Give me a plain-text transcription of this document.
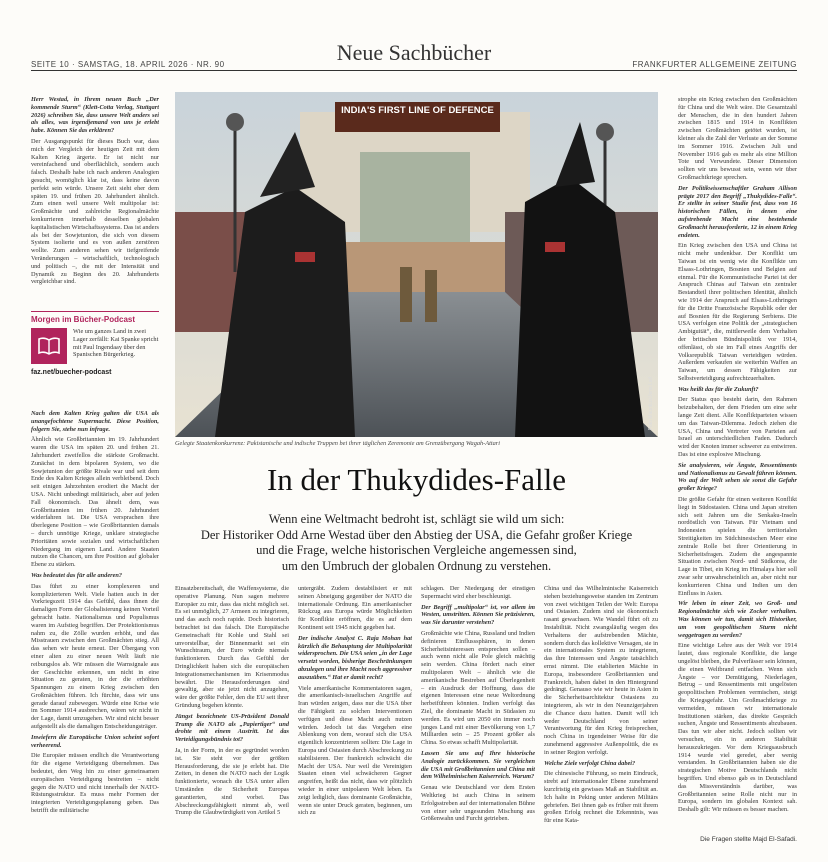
Neue Sachbücher
SEITE 10 · SAMSTAG, 18. APRIL 2026 · NR. 90	FRANKFURTER ALLGEMEINE ZEITUNG

Herr Westad, in Ihrem neuen Buch „Der kommende Sturm“ (Klett-Cotta Verlag, Stuttgart 2026) schreiben Sie, dass unsere Welt anders sei als alles, was irgendjemand von uns je erlebt habe. Können Sie das erklären?

Der Ausgangspunkt für dieses Buch war, dass mich der Vergleich der heutigen Zeit mit dem Kalten Krieg ärgerte. Er ist nicht nur vereinfachend und oberflächlich, sondern auch falsch. Deshalb habe ich nach anderen Analogien gesucht, womöglich klar ist, dass keine davon perfekt sein würde. Unsere Zeit sieht eher dem späten 19. und frühen 20. Jahrhundert ähnlich. Zum einen weil unsere Welt multipolar ist: Großmächte und zahlreiche Regionalmächte konkurrieren innerhalb desselben globalen kapitalistischen Wirtschaftssystems. Das ist anders als bei der Sowjetunion, die sich von diesem System isolierte und es von außen zerstören wollte. Zum anderen sehen wir tiefgreifende Veränderungen – wirtschaftlich, technologisch und politisch –, die mit der Intensität und Dynamik zu Beginn des 20. Jahrhunderts vergleichbar sind.

Morgen im Bücher-Podcast
Wie um ganzes Land in zwei Lager zerfällt: Kai Spanke spricht mit Paul Ingendaay über den Spanischen Bürgerkrieg.
faz.net/buecher-podcast

Nach dem Kalten Krieg galten die USA als unangefochtene Supermacht. Diese Position, folgern Sie, stehe nun infrage.

Ähnlich wie Großbritannien im 19. Jahrhundert waren die USA im späten 20. und frühen 21. Jahrhundert zweifellos die stärkste Großmacht. Zunächst in dem bipolaren System, wo die Sowjetunion der größte Rivale war und seit dem Ende des Kalten Krieges allein verbleibend. Doch seit einigen Jahrzehnten erodiert die Macht der USA. Nicht unbedingt militärisch, aber auf jeden Fall ökonomisch. Das ähnelt dem, was Großbritannien im frühen 20. Jahrhundert widerfahren ist. Die USA versprachen ihre überlegene Position – wie Großbritannien damals – durch unnötige Kriege, unklare strategische Prioritäten sowie sozialen und wirtschaftlichen Niedergang im eigenen Land. Andere Staaten nutzen die Chancen, um ihre Position auf globaler Ebene zu stärken.

Was bedeutet das für alle anderen?

Das führt zu einer komplexeren und komplizierteren Welt. Viele hatten auch in der Vorkriegszeit 1914 das Gefühl, dass ihnen die damaligen Form der Globalisierung keinen Vorteil gebracht hatte. Nationalismus und Populismus waren im Aufstieg begriffen. Der Protektionismus nahm zu, die Zölle wurden erhöht, und das Misstrauen zwischen den Großmächten stieg. All das sehen wir heute erneut. Der Übergang von einer alten zu einer neuen Welt läuft nie reibungslos ab. Wir müssen die Warnsignale aus der Geschichte erkennen, um nicht in eine Situation zu geraten, in der die erhöhten Spannungen zu einem Krieg zwischen den Großmächten führen. Ich fürchte, dass wir uns gerade darauf zubewegen. Würde eine Krise wie im Sommer 1914 ausbrechen, wären wir nicht in der Lage, damit umzugehen. Wir sind nicht besser aufgestellt als die damaligen Entscheidungsträger.

Inwiefern die Europäische Union scheint sofort verheerend.

Die Europäer müssen endlich die Verantwortung für die eigene Verteidigung übernehmen. Das bedeutet, den Weg hin zu einer gemeinsamen europäischen Verteidigung bestreiten – nicht gegen die NATO und nicht innerhalb der NATO-Rüstungsstruktur. Es muss mehr Formen der integrierten Verteidigungsplanung geben. Das betrifft die militärische

INDIA'S FIRST LINE OF DEFENCE
Foto Mauritius/Jens Laif
Gelegte Staatenkonkurrenz: Pakistanische und indische Truppen bei ihrer täglichen Zeremonie am Grenzübergang Wagah-Attari
In der Thukydides-Falle
Wenn eine Weltmacht bedroht ist, schlägt sie wild um sich:
Der Historiker Odd Arne Westad über den Abstieg der USA, die Gefahr großer Kriege
und die Frage, welche historischen Vergleiche angemessen sind,
um den Umbruch der globalen Ordnung zu verstehen.

Einsatzbereitschaft, die Waffensysteme, die operative Planung. Nun sagen mehrere Europäer zu mir, dass das nicht möglich sei. Es sei unmöglich, 27 Armeen zu integrieren, und das auch noch rapide. Doch historisch betrachtet ist das falsch. Die Europäische Gemeinschaft für Kohle und Stahl sei unvorstellbar, der Binnenmarkt sei ein Wunschtraum, der Euro würde niemals funktionieren. Durch das Gefühl der Dringlichkeit haben sich die europäischen Integrationsmechanismen im Krisenmodus bewährt. Die Herausforderungen sind gewaltig, aber sie jetzt nicht anzugehen, wäre der größte Fehler, den die EU seit ihrer Gründung begehen könnte.

Jüngst bezeichnete US-Präsident Donald Trump die NATO als „Papiertiger“ und drohte mit einem Austritt. Ist das Verteidigungsbündnis tot?

Ja, in der Form, in der es gegründet worden ist. Sie steht vor der größten Herausforderung, die sie je erlebt hat. Die Zeiten, in denen die NATO nach der Logik funktionierte, wonach die USA unter allen Umständen die Sicherheit Europas garantierten, sind vorbei. Das Abschreckungsfähigkeit nimmt ab, weil Trump die Glaubwürdigkeit von Artikel 5

untergräbt. Zudem destabilisiert er mit seinen Abneigung gegenüber der NATO die internationale Ordnung. Ein amerikanischer Rückzug aus Europa würde Möglichkeiten für Konflikte eröffnen, die es auf dem Kontinent seit 1945 nicht gegeben hat.

Der indische Analyst C. Raja Mohan hat kürzlich die Behauptung der Multipolarität widersprochen. Die USA seien „in der Lage versetzt worden, bisherige Beschränkungen abzulegen und ihre Macht noch aggressiver auszuüben.“ Hat er damit recht?

Viele amerikanische Kommentatoren sagen, die amerikanisch-israelischen Angriffe auf Iran würden zeigen, dass nur die USA über die Fähigkeit zu solchen Interventionen verfügen und diese Macht auch nutzen würden. Jedoch ist das Vorgehen eine Ablenkung von dem, worauf sich die USA eigentlich konzentrieren sollten: Die Lage in Europa und Ostasien durch Abschreckung zu stabilisieren. Der frankreich schwächt die Macht der USA. Nur weil die Vereinigten Staaten einen viel schwächeren Gegner angreifen, heißt das nicht, dass wir plötzlich wieder in einer unipolaren Welt leben. Es zeigt lediglich, dass dominante Großmächte, wenn sie unter Druck geraten, beginnen, um sich zu

schlagen. Der Niedergang der einstigen Supermacht wird eher beschleunigt.

Der Begriff „multipolar“ ist, vor allem im Westen, umstritten. Können Sie präzisieren, was Sie darunter verstehen?

Großmächte wie China, Russland und Indien definieren Einflusssphären, in denen Sicherheitsinteressen entsprechen sollen – auch wenn nicht alle Pole gleich mächtig sein werden. China fördert nach einer multipolaren Welt – ähnlich wie die amerikanische Bestreben auf Überlegenheit – ein Ausdruck der Hoffnung, dass die eigenen Interessen eine neue Weltordnung herbeiführen könnten. Indien verfolgt das Ziel, die dominante Macht in Südasien zu werden. Es wird um 2050 ein immer noch junges Land mit einer Bevölkerung von 1,7 Milliarden sein – 25 Prozent größer als China. So etwas schafft Multipolarität.

Lassen Sie uns auf Ihre historische Analogie zurückkommen. Sie vergleichen die USA mit Großbritannien und China mit dem Wilhelminischen Kaiserreich. Warum?

Genau wie Deutschland vor dem Ersten Weltkrieg ist auch China in seinem Erfolgsstreben auf der internationalen Bühne von einer sehr ungesunden Mischung aus Größenwahn und Furcht getrieben.

China und das Wilhelminische Kaiserreich stehen beziehungsweise standen im Zentrum von zwei wichtigen Teilen der Welt: Europa und Ostasien. Zudem sind sie ökonomisch rasant gewachsen. Wie Wandel führt oft zu Instabilität. Nicht zwangsläufig wegen des Verhaltens der aufstrebenden Mächte, sondern durch das kollektive Versagen, sie in ein internationales System zu integrieren, das ihre Interessen und Ängste tatsächlich ernst nimmt. Die etablierten Mächte in Europa, insbesondere Großbritannien und Frankreich, haben dabei in den Hintergrund gedrängt. Genauso wie wir heute in Asien in die Sicherheitsarchitektur Ostasiens zu integrieren, als wir in den Neunzigerjahren die Chance dazu hatten. Damit will ich weder Deutschland von seiner Verantwortung für den Krieg freisprechen, noch China in irgendeiner Weise für die zunehmend aggressive Außenpolitik, die es in seiner Region verfolgt.

Welche Ziele verfolgt China dabei?

Die chinesische Führung, so mein Eindruck, strebt auf internationaler Ebene zunehmend kurzfristig ein gewisses Maß an Stabilität an. Ich halte in Peking unter anderen Militärs gebriefen. Bei ihnen gab es früher mit ihrem großen Erfolg rechnet die Erkenntnis, was für eine Kata-

strophe ein Krieg zwischen den Großmächten für China und die Welt wäre. Die Gesamtzahl der Menschen, die in den hundert Jahren zwischen 1815 und 1914 in Konflikten zwischen Großmächten getötet wurden, ist kleiner als die Zahl der Verluste an der Somme im Sommer 1916. Zwischen Juli und November 1916 gab es mehr als eine Million Tote und Verwundete. Dieser Dimension sollten wir uns bewusst sein, wenn wir über Großmachtkriege sprechen.

Der Politikwissenschaftler Graham Allison prägte 2017 den Begriff „Thukydides-Falle“. Er stellte in seiner Studie fest, dass von 16 historischen Fällen, in denen eine aufstrebende Macht eine bestehende Großmacht herausforderte, 12 in einem Krieg endeten.

Ein Krieg zwischen den USA und China ist nicht mehr undenkbar. Der Konflikt um Taiwan ist ein wenig wie die Konflikte um Elsass-Lothringen, Bosnien und Belgien auf einmal. Für die Kommunistische Partei ist der Anspruch Chinas auf Taiwan ein zentraler Bestandteil ihrer politischen Identität, ähnlich wie 1914 der Anspruch auf Elsass-Lothringen für die Dritte Französische Republik oder der auf Bosnien für die Regierung Serbiens. Die USA verfolgen eine Politik der „strategischen Ambiguität“, die, mittlerweile dem Verhalten der britischen Bündnispolitik vor 1914, offenlässt, ob sie im Fall eines Angriffs der Volksrepublik Taiwan verteidigen würden. Außerdem verkaufen sie weiterhin Waffen an Taiwan, um dessen Fähigkeiten zur Selbstverteidigung aufrechtzuerhalten.

Was heißt das für die Zukunft?

Der Status quo besteht darin, den Rahmen beizubehalten, der dem Frieden um eine sehr lange Zeit dient. Alle Konfliktparteien wissen um das Taiwan-Dilemma. Jedoch ziehen die USA, China und Vertreter von Parteien auf Israel an unterschiedlichen Faden. Dadurch wird der Knoten immer schwerer zu entwirren. Das ist eine explosive Mischung.

Sie analysieren, wie Ängste, Ressentiments und Nationalismus zu Gewalt führen können. Wo auf der Welt sehen sie sonst die Gefahr großer Kriege?

Die größte Gefahr für einen weiteren Konflikt liegt in Südostasien. China und Japan streiten sich seit Jahren um die Senkaku-Inseln nordöstlich von Taiwan. Für Vietnam und Indonesien spielen die territorialen Streitigkeiten im Südchinesischen Meer eine zentrale Rolle bei ihrer Orientierung in Sicherheitsfragen. Zudem die angespannte Situation zwischen Nord- und Südkorea, die Lage in Tibet, ein Krieg im Himalaya hier soll zwar sehr unwahrscheinlich an, aber nicht nur konkurrieren China und Indien um den Einfluss in Asien.

Wir leben in einer Zeit, wo Groß- und Regionalmächte sich wie Zocker verhalten. Was können wir tun, damit sich Historiker, um vom geopolitischen Sturm nicht weggetragen zu werden?

Eine wichtige Lehre aus der Welt vor 1914 lautet, dass regionale Konflikte, die lange ungelöst bleiben, die Pulverfässer sein können, die einen Weltbrand entfachen. Wenn sich Ängste – vor Demütigung, Niederlagen, Betrug – und Ressentiments mit ungelösten geopolitischen Problemen vermischen, steigt die Kriegsgefahr. Um Großmachtkriege zu vermeiden, müssen wir internationale Institutionen stärken, das direkte Gespräch suchen, Ängste und Ressentiments abzubauen. Das tun wir aber nicht. Jedoch sollten wir versuchen, ein in anderen Stabilität herauszukriegen. Vor dem Kriegsausbruch 1914 wurde viel geredet, aber wenig verstanden. In Großbritannien haben sie die strategischen Motive Deutschlands nicht begriffen. Und ebenso gab es in Deutschland das Missverständnis darüber, was Großbritannien seine Rolle nicht nur in Europa, sondern im globalen Kontext sah. Deshalb gilt: Wir müssen es besser machen.

Die Fragen stellte Majd El-Safadi.
